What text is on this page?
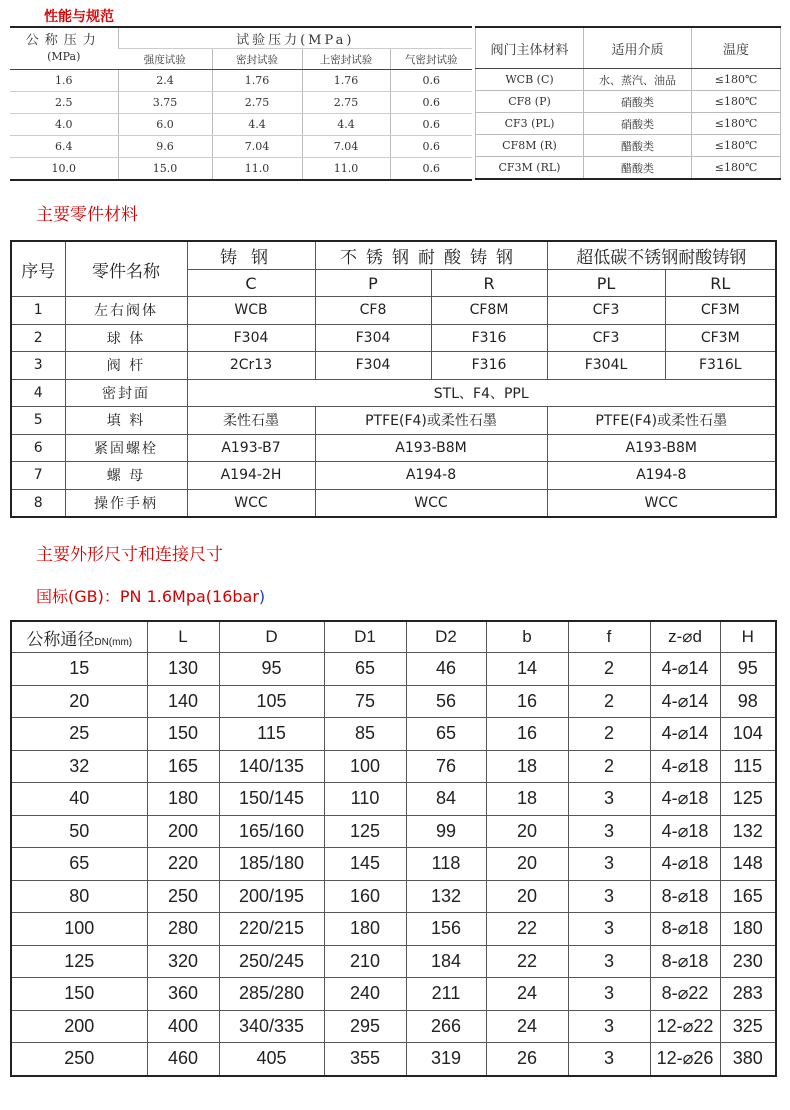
性能与规范
公称压力
(MPa)	试验压力(MPa)			
	强度试验	密封试验	上密封试验	气密封试验
1.6	2.4	1.76	1.76	0.6
2.5	3.75	2.75	2.75	0.6
4.0	6.0	4.4	4.4	0.6
6.4	9.6	7.04	7.04	0.6
10.0	15.0	11.0	11.0	0.6
阀门主体材料	适用介质	温度
WCB (C)	水、蒸汽、油品	≤180℃
CF8 (P)	硝酸类	≤180℃
CF3 (PL)	硝酸类	≤180℃
CF8M (R)	醋酸类	≤180℃
CF3M (RL)	醋酸类	≤180℃
主要零件材料
序号	零件名称	铸钢	不锈钢耐酸铸钢		超低碳不锈钢耐酸铸钢	
		C	P	R	PL	RL
1	左右阀体	WCB	CF8	CF8M	CF3	CF3M
2	球 体	F304	F304	F316	CF3	CF3M
3	阀 杆	2Cr13	F304	F316	F304L	F316L
4	密封面	STL、F4、PPL				
5	填 料	柔性石墨	PTFE(F4)或柔性石墨		PTFE(F4)或柔性石墨	
6	紧固螺栓	A193-B7	A193-B8M		A193-B8M	
7	螺 母	A194-2H	A194-8		A194-8	
8	操作手柄	WCC	WCC		WCC	
主要外形尺寸和连接尺寸
国标(GB)：PN 1.6Mpa(16bar)
公称通径DN(mm)	L	D	D1	D2	b	f	z-⌀d	H
15	130	95	65	46	14	2	4-⌀14	95
20	140	105	75	56	16	2	4-⌀14	98
25	150	115	85	65	16	2	4-⌀14	104
32	165	140/135	100	76	18	2	4-⌀18	115
40	180	150/145	110	84	18	3	4-⌀18	125
50	200	165/160	125	99	20	3	4-⌀18	132
65	220	185/180	145	118	20	3	4-⌀18	148
80	250	200/195	160	132	20	3	8-⌀18	165
100	280	220/215	180	156	22	3	8-⌀18	180
125	320	250/245	210	184	22	3	8-⌀18	230
150	360	285/280	240	211	24	3	8-⌀22	283
200	400	340/335	295	266	24	3	12-⌀22	325
250	460	405	355	319	26	3	12-⌀26	380
